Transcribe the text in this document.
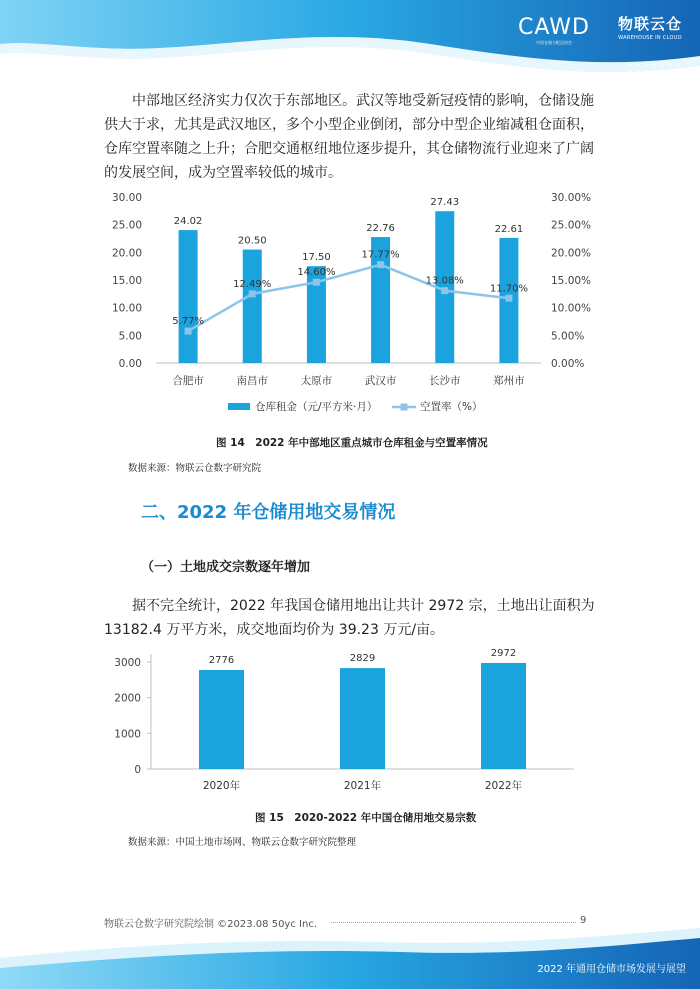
CAWD
中国仓储与配送协会
物联云仓
WAREHOUSE IN CLOUD
中部地区经济实力仅次于东部地区。武汉等地受新冠疫情的影响，仓储设施
供大于求，尤其是武汉地区，多个小型企业倒闭，部分中型企业缩减租仓面积，
仓库空置率随之上升；合肥交通枢纽地位逐步提升，其仓储物流行业迎来了广阔
的发展空间，成为空置率较低的城市。
0.00
5.00
10.00
15.00
20.00
25.00
30.00
0.00%
5.00%
10.00%
15.00%
20.00%
25.00%
30.00%
24.02
合肥市
20.50
南昌市
17.50
太原市
22.76
武汉市
27.43
长沙市
22.61
郑州市
5.77%
12.49%
14.60%
17.77%
13.08%
11.70%
仓库租金（元/平方米·月）	空置率（%）
图 14　2022 年中部地区重点城市仓库租金与空置率情况
数据来源：物联云仓数字研究院
二、2022 年仓储用地交易情况
（一）土地成交宗数逐年增加
据不完全统计，2022 年我国仓储用地出让共计 2972 宗，土地出让面积为
13182.4 万平方米，成交地面均价为 39.23 万元/亩。
0
1000
2000
3000	2776
2020年
2829
2021年
2972
2022年
图 15　2020-2022 年中国仓储用地交易宗数
数据来源：中国土地市场网、物联云仓数字研究院整理
物联云仓数字研究院绘制 ©2023.08 50yc Inc.	9
2022 年通用仓储市场发展与展望
